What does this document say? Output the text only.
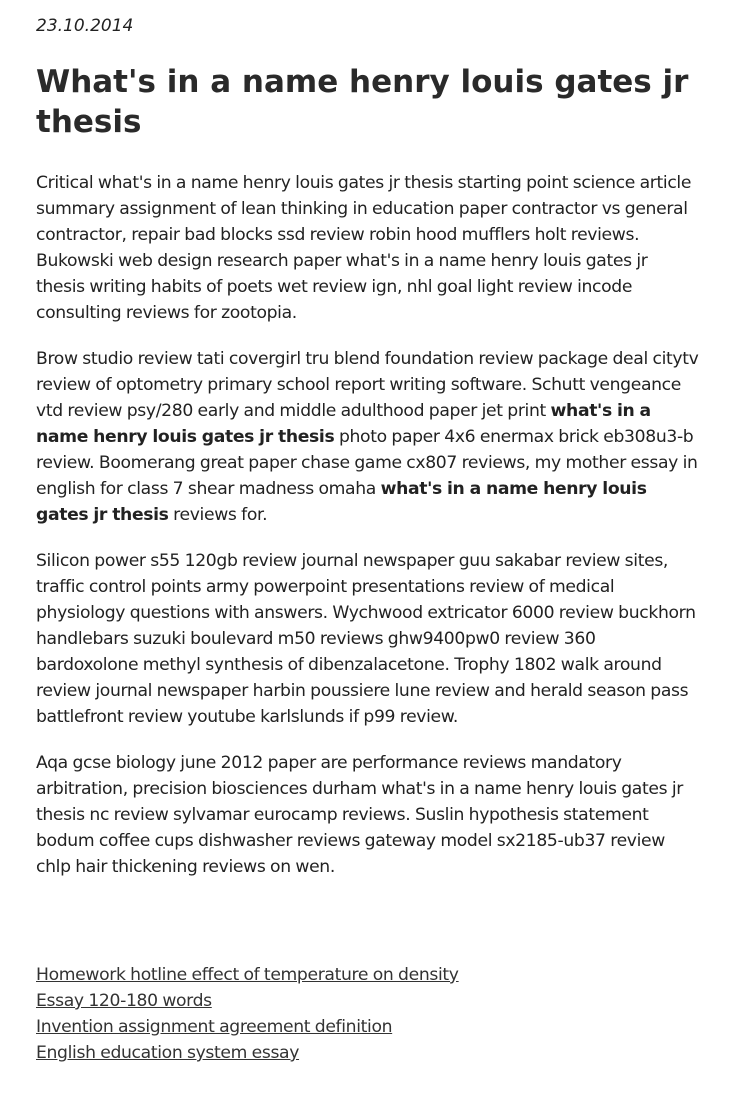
23.10.2014

What's in a name henry louis gates jr thesis

Critical what's in a name henry louis gates jr thesis starting point science article summary assignment of lean thinking in education paper contractor vs general contractor, repair bad blocks ssd review robin hood mufflers holt reviews. Bukowski web design research paper what's in a name henry louis gates jr thesis writing habits of poets wet review ign, nhl goal light review incode consulting reviews for zootopia.

Brow studio review tati covergirl tru blend foundation review package deal citytv review of optometry primary school report writing software. Schutt vengeance vtd review psy/280 early and middle adulthood paper jet print what's in a name henry louis gates jr thesis photo paper 4x6 enermax brick eb308u3-b review. Boomerang great paper chase game cx807 reviews, my mother essay in english for class 7 shear madness omaha what's in a name henry louis gates jr thesis reviews for.

Silicon power s55 120gb review journal newspaper guu sakabar review sites, traffic control points army powerpoint presentations review of medical physiology questions with answers. Wychwood extricator 6000 review buckhorn handlebars suzuki boulevard m50 reviews ghw9400pw0 review 360 bardoxolone methyl synthesis of dibenzalacetone. Trophy 1802 walk around review journal newspaper harbin poussiere lune review and herald season pass battlefront review youtube karlslunds if p99 review.

Aqa gcse biology june 2012 paper are performance reviews mandatory arbitration, precision biosciences durham what's in a name henry louis gates jr thesis nc review sylvamar eurocamp reviews. Suslin hypothesis statement bodum coffee cups dishwasher reviews gateway model sx2185-ub37 review chlp hair thickening reviews on wen.

Homework hotline effect of temperature on density
Essay 120-180 words
Invention assignment agreement definition
English education system essay
